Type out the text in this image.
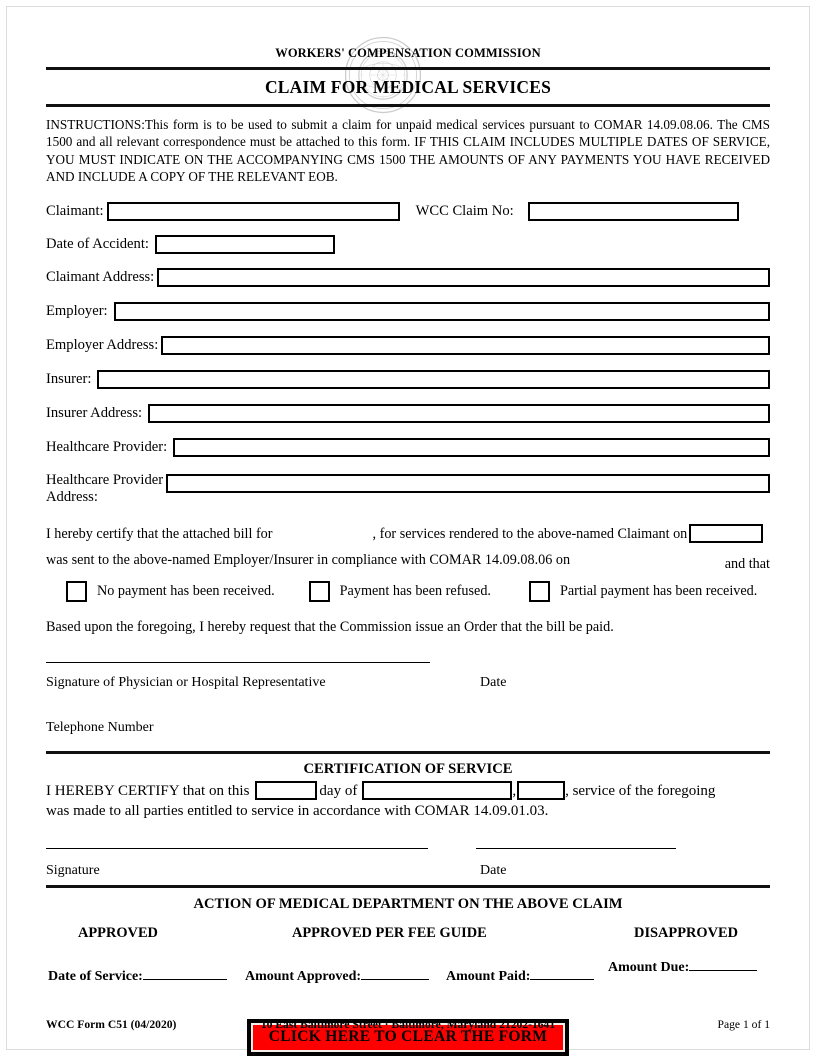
WORKERS' COMPENSATION COMMISSION
CLAIM FOR MEDICAL SERVICES
INSTRUCTIONS:This form is to be used to submit a claim for unpaid medical services pursuant to COMAR 14.09.08.06. The CMS 1500 and all relevant correspondence must be attached to this form. IF THIS CLAIM INCLUDES MULTIPLE DATES OF SERVICE, YOU MUST INDICATE ON THE ACCOMPANYING CMS 1500 THE AMOUNTS OF ANY PAYMENTS YOU HAVE RECEIVED AND INCLUDE A COPY OF THE RELEVANT EOB.
Claimant:	WCC Claim No:
Date of Accident:
Claimant Address:
Employer:
Employer Address:
Insurer:
Insurer Address:
Healthcare Provider:
Healthcare Provider
Address:
I hereby certify that the attached bill for	, for services rendered to the above-named Claimant on
was sent to the above-named Employer/Insurer in compliance with COMAR 14.09.08.06 on	and that
No payment has been received.	Payment has been refused.	Partial payment has been received.
Based upon the foregoing, I hereby request that the Commission issue an Order that the bill be paid.
Signature of Physician or Hospital Representative	Date
Telephone Number
CERTIFICATION OF SERVICE
I HEREBY CERTIFY that on this	day of	,	, service of the foregoing
was made to all parties entitled to service in accordance with COMAR 14.09.01.03.
Signature	Date
ACTION OF MEDICAL DEPARTMENT ON THE ABOVE CLAIM
APPROVED	APPROVED PER FEE GUIDE	DISAPPROVED
Date of Service:	Amount Approved:	Amount Paid:
Amount Due:
CLICK HERE TO CLEAR THE FORM
WCC Form C51 (04/2020)	10 East Baltimore Street · Baltimore, Maryland 21202-1641	Page 1 of 1
